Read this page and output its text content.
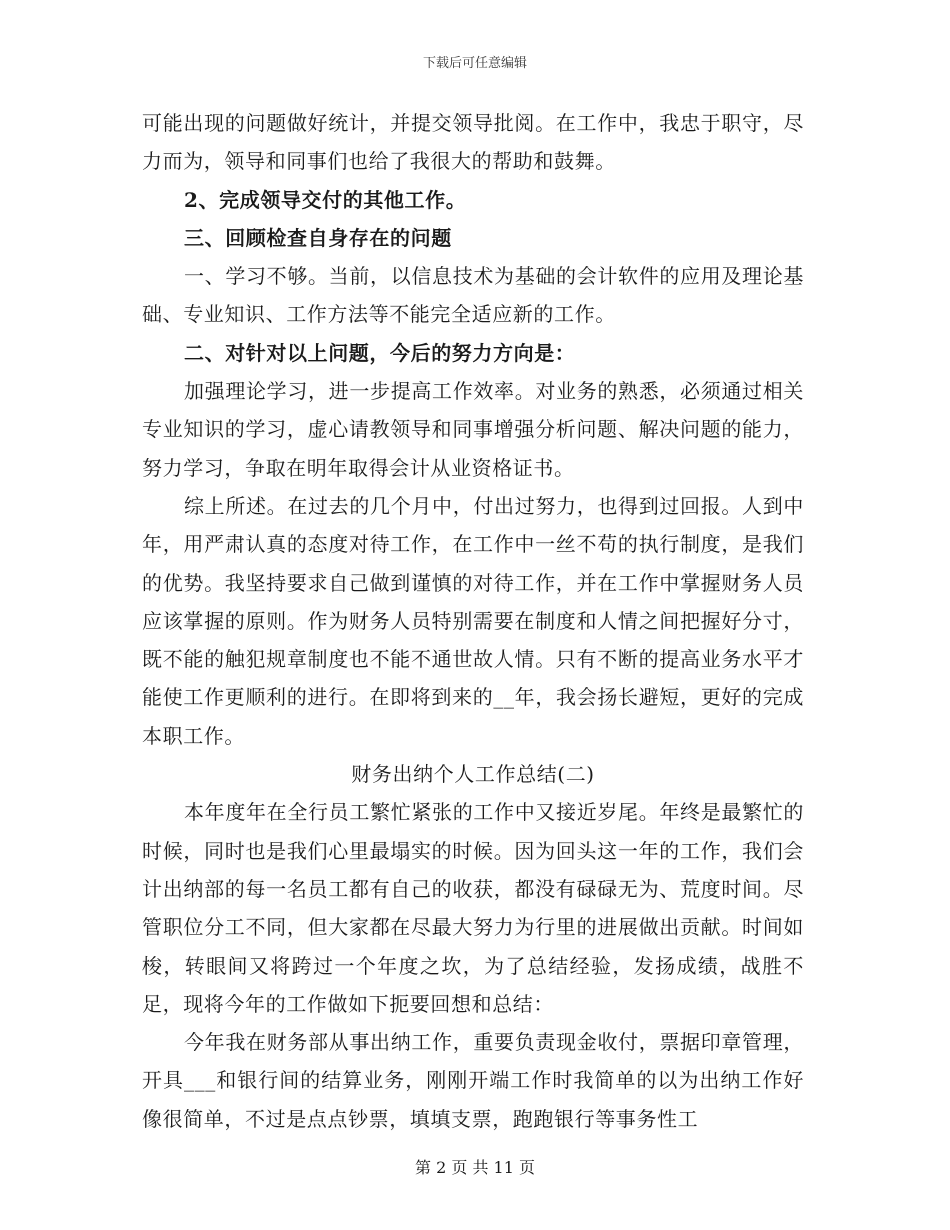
下载后可任意编辑

可能出现的问题做好统计，并提交领导批阅。在工作中，我忠于职守，尽力而为，领导和同事们也给了我很大的帮助和鼓舞。

2、完成领导交付的其他工作。

三、回顾检查自身存在的问题

一、学习不够。当前，以信息技术为基础的会计软件的应用及理论基础、专业知识、工作方法等不能完全适应新的工作。

二、对针对以上问题，今后的努力方向是：

加强理论学习，进一步提高工作效率。对业务的熟悉，必须通过相关专业知识的学习，虚心请教领导和同事增强分析问题、解决问题的能力，努力学习，争取在明年取得会计从业资格证书。

综上所述。在过去的几个月中，付出过努力，也得到过回报。人到中年，用严肃认真的态度对待工作，在工作中一丝不苟的执行制度，是我们的优势。我坚持要求自己做到谨慎的对待工作，并在工作中掌握财务人员应该掌握的原则。作为财务人员特别需要在制度和人情之间把握好分寸，既不能的触犯规章制度也不能不通世故人情。只有不断的提高业务水平才能使工作更顺利的进行。在即将到来的__年，我会扬长避短，更好的完成本职工作。

财务出纳个人工作总结(二)

本年度年在全行员工繁忙紧张的工作中又接近岁尾。年终是最繁忙的时候，同时也是我们心里最塌实的时候。因为回头这一年的工作，我们会计出纳部的每一名员工都有自己的收获，都没有碌碌无为、荒度时间。尽管职位分工不同，但大家都在尽最大努力为行里的进展做出贡献。时间如梭，转眼间又将跨过一个年度之坎，为了总结经验，发扬成绩，战胜不足，现将今年的工作做如下扼要回想和总结：

今年我在财务部从事出纳工作，重要负责现金收付，票据印章管理，开具___和银行间的结算业务，刚刚开端工作时我简单的以为出纳工作好像很简单，不过是点点钞票，填填支票，跑跑银行等事务性工

第 2 页 共 11 页
